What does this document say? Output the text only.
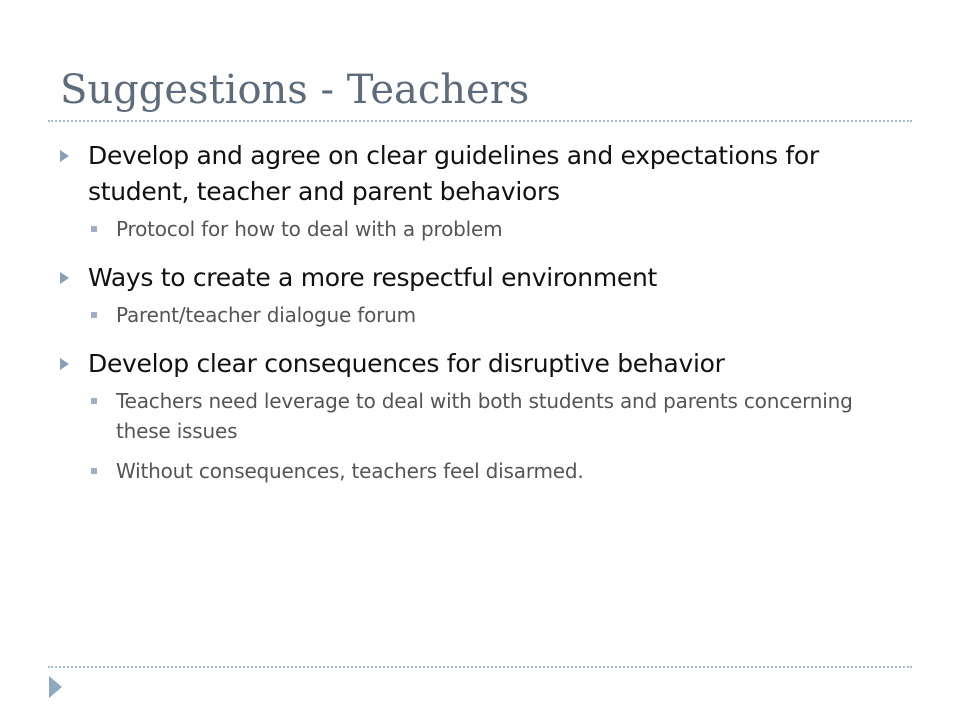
Suggestions - Teachers
Develop and agree on clear guidelines and expectations for student, teacher and parent behaviors
Protocol for how to deal with a problem
Ways to create a more respectful environment
Parent/teacher dialogue forum
Develop clear consequences for disruptive behavior
Teachers need leverage to deal with both students and parents concerning these issues
Without consequences, teachers feel disarmed.
